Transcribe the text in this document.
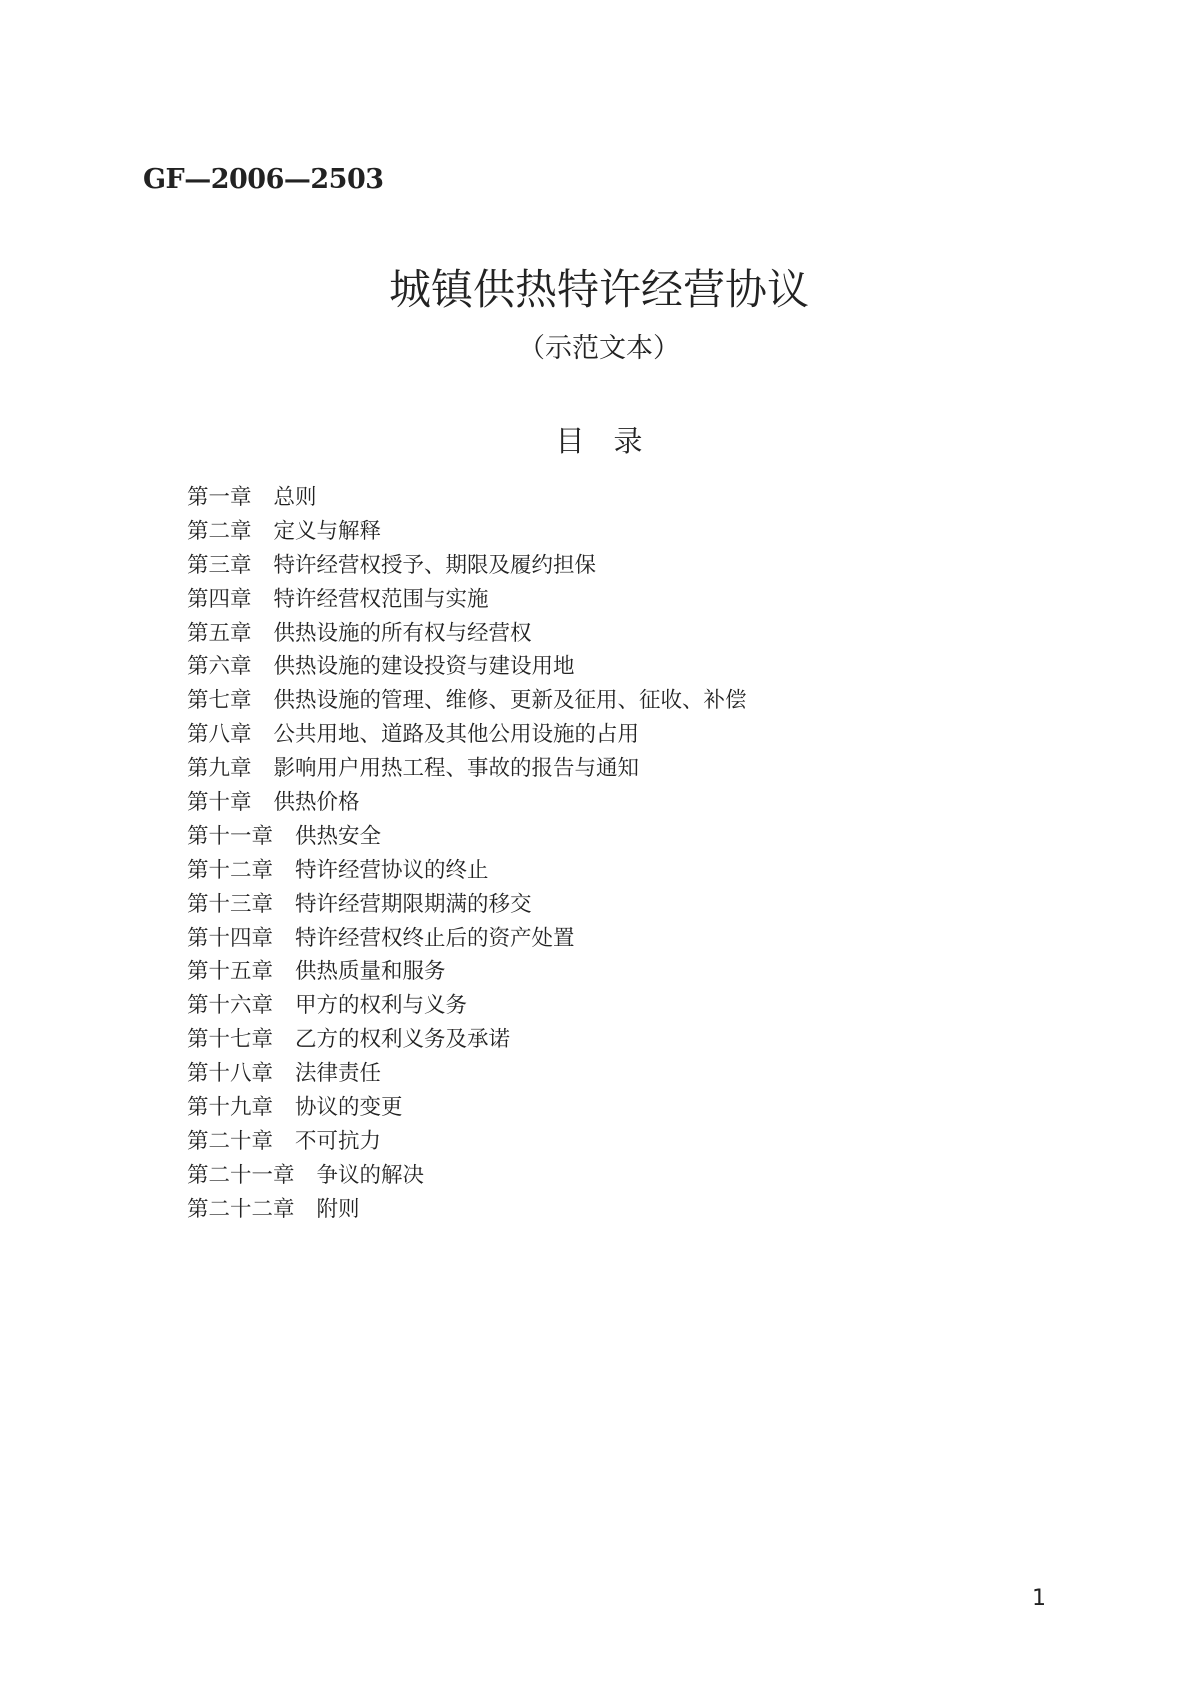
GF—2006—2503
城镇供热特许经营协议
（示范文本）
目　录
第一章 总则
第二章 定义与解释
第三章 特许经营权授予、期限及履约担保
第四章 特许经营权范围与实施
第五章 供热设施的所有权与经营权
第六章 供热设施的建设投资与建设用地
第七章 供热设施的管理、维修、更新及征用、征收、补偿
第八章 公共用地、道路及其他公用设施的占用
第九章 影响用户用热工程、事故的报告与通知
第十章 供热价格
第十一章 供热安全
第十二章 特许经营协议的终止
第十三章 特许经营期限期满的移交
第十四章 特许经营权终止后的资产处置
第十五章 供热质量和服务
第十六章 甲方的权利与义务
第十七章 乙方的权利义务及承诺
第十八章 法律责任
第十九章 协议的变更
第二十章 不可抗力
第二十一章 争议的解决
第二十二章 附则
1
